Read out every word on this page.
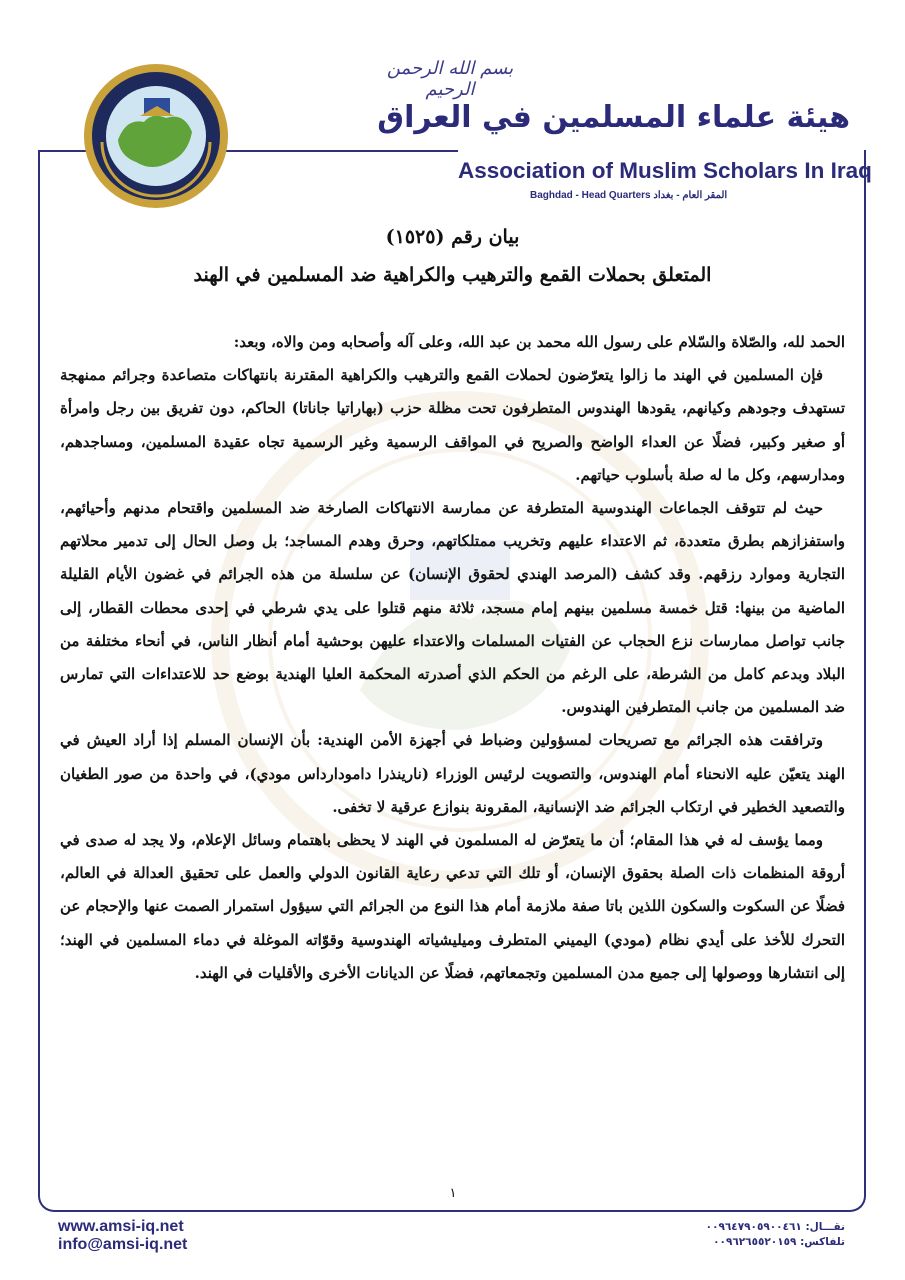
بسم الله الرحمن الرحيم
هيئة علماء المسلمين في العراق
Association of Muslim Scholars In Iraq
Baghdad - Head Quarters المقر العام - بغداد
بيان رقم (١٥٢٥)
المتعلق بحملات القمع والترهيب والكراهية ضد المسلمين في الهند

الحمد لله، والصّلاة والسّلام على رسول الله محمد بن عبد الله، وعلى آله وأصحابه ومن والاه، وبعد:

فإن المسلمين في الهند ما زالوا يتعرّضون لحملات القمع والترهيب والكراهية المقترنة بانتهاكات متصاعدة وجرائم ممنهجة تستهدف وجودهم وكيانهم، يقودها الهندوس المتطرفون تحت مظلة حزب (بهاراتيا جاناتا) الحاكم، دون تفريق بين رجل وامرأة أو صغير وكبير، فضلًا عن العداء الواضح والصريح في المواقف الرسمية وغير الرسمية تجاه عقيدة المسلمين، ومساجدهم، ومدارسهم، وكل ما له صلة بأسلوب حياتهم.

حيث لم تتوقف الجماعات الهندوسية المتطرفة عن ممارسة الانتهاكات الصارخة ضد المسلمين واقتحام مدنهم وأحيائهم، واستفزازهم بطرق متعددة، ثم الاعتداء عليهم وتخريب ممتلكاتهم، وحرق وهدم المساجد؛ بل وصل الحال إلى تدمير محلاتهم التجارية وموارد رزقهم. وقد كشف (المرصد الهندي لحقوق الإنسان) عن سلسلة من هذه الجرائم في غضون الأيام القليلة الماضية من بينها: قتل خمسة مسلمين بينهم إمام مسجد، ثلاثة منهم قتلوا على يدي شرطي في إحدى محطات القطار، إلى جانب تواصل ممارسات نزع الحجاب عن الفتيات المسلمات والاعتداء عليهن بوحشية أمام أنظار الناس، في أنحاء مختلفة من البلاد وبدعم كامل من الشرطة، على الرغم من الحكم الذي أصدرته المحكمة العليا الهندية بوضع حد للاعتداءات التي تمارس ضد المسلمين من جانب المتطرفين الهندوس.

وترافقت هذه الجرائم مع تصريحات لمسؤولين وضباط في أجهزة الأمن الهندية: بأن الإنسان المسلم إذا أراد العيش في الهند يتعيّن عليه الانحناء أمام الهندوس، والتصويت لرئيس الوزراء (نارينذرا دامودارداس مودي)، في واحدة من صور الطغيان والتصعيد الخطير في ارتكاب الجرائم ضد الإنسانية، المقرونة بنوازع عرقية لا تخفى.

ومما يؤسف له في هذا المقام؛ أن ما يتعرّض له المسلمون في الهند لا يحظى باهتمام وسائل الإعلام، ولا يجد له صدى في أروقة المنظمات ذات الصلة بحقوق الإنسان، أو تلك التي تدعي رعاية القانون الدولي والعمل على تحقيق العدالة في العالم، فضلًا عن السكوت والسكون اللذين باتا صفة ملازمة أمام هذا النوع من الجرائم التي سيؤول استمرار الصمت عنها والإحجام عن التحرك للأخذ على أيدي نظام (مودي) اليميني المتطرف وميليشياته الهندوسية وقوّاته الموغلة في دماء المسلمين في الهند؛ إلى انتشارها ووصولها إلى جميع مدن المسلمين وتجمعاتهم، فضلًا عن الديانات الأخرى والأقليات في الهند.

١
www.amsi-iq.net
info@amsi-iq.net
نقـــال: ٠٠٩٦٤٧٩٠٥٩٠٠٤٦١
تلفاكس: ٠٠٩٦٢٦٥٥٢٠١٥٩
